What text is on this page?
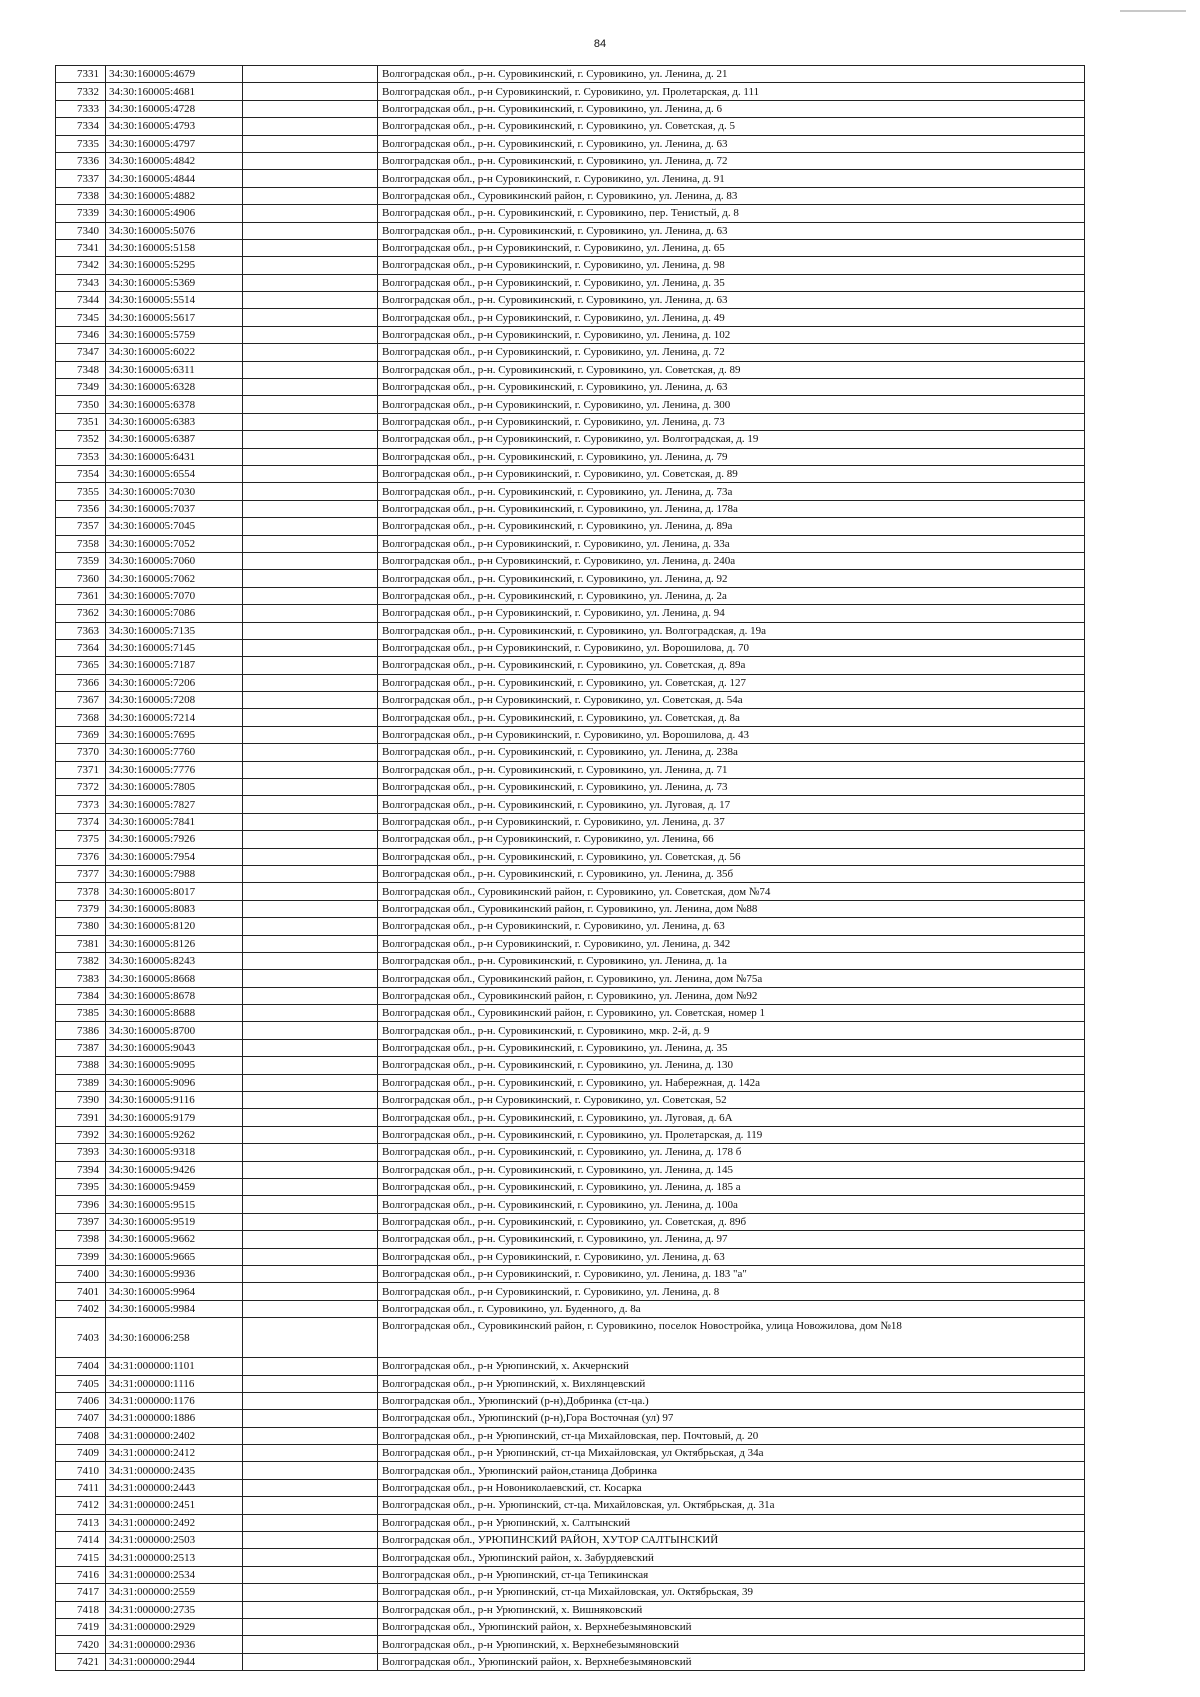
84
7331	34:30:160005:4679		Волгоградская обл., р-н. Суровикинский, г. Суровикино, ул. Ленина, д. 21
7332	34:30:160005:4681		Волгоградская обл., р-н Суровикинский, г. Суровикино, ул. Пролетарская, д. 111
7333	34:30:160005:4728		Волгоградская обл., р-н. Суровикинский, г. Суровикино, ул. Ленина, д. 6
7334	34:30:160005:4793		Волгоградская обл., р-н. Суровикинский, г. Суровикино, ул. Советская, д. 5
7335	34:30:160005:4797		Волгоградская обл., р-н. Суровикинский, г. Суровикино, ул. Ленина, д. 63
7336	34:30:160005:4842		Волгоградская обл., р-н. Суровикинский, г. Суровикино, ул. Ленина, д. 72
7337	34:30:160005:4844		Волгоградская обл., р-н Суровикинский, г. Суровикино, ул. Ленина, д. 91
7338	34:30:160005:4882		Волгоградская обл., Суровикинский район, г. Суровикино, ул. Ленина, д. 83
7339	34:30:160005:4906		Волгоградская обл., р-н. Суровикинский, г. Суровикино, пер. Тенистый, д. 8
7340	34:30:160005:5076		Волгоградская обл., р-н. Суровикинский, г. Суровикино, ул. Ленина, д. 63
7341	34:30:160005:5158		Волгоградская обл., р-н Суровикинский, г. Суровикино, ул. Ленина, д. 65
7342	34:30:160005:5295		Волгоградская обл., р-н Суровикинский, г. Суровикино, ул. Ленина, д. 98
7343	34:30:160005:5369		Волгоградская обл., р-н Суровикинский, г. Суровикино, ул. Ленина, д. 35
7344	34:30:160005:5514		Волгоградская обл., р-н. Суровикинский, г. Суровикино, ул. Ленина, д. 63
7345	34:30:160005:5617		Волгоградская обл., р-н Суровикинский, г. Суровикино, ул. Ленина, д. 49
7346	34:30:160005:5759		Волгоградская обл., р-н Суровикинский, г. Суровикино, ул. Ленина, д. 102
7347	34:30:160005:6022		Волгоградская обл., р-н Суровикинский, г. Суровикино, ул. Ленина, д. 72
7348	34:30:160005:6311		Волгоградская обл., р-н. Суровикинский, г. Суровикино, ул. Советская, д. 89
7349	34:30:160005:6328		Волгоградская обл., р-н. Суровикинский, г. Суровикино, ул. Ленина, д. 63
7350	34:30:160005:6378		Волгоградская обл., р-н Суровикинский, г. Суровикино, ул. Ленина, д. 300
7351	34:30:160005:6383		Волгоградская обл., р-н Суровикинский, г. Суровикино, ул. Ленина, д. 73
7352	34:30:160005:6387		Волгоградская обл., р-н Суровикинский, г. Суровикино, ул. Волгоградская, д. 19
7353	34:30:160005:6431		Волгоградская обл., р-н. Суровикинский, г. Суровикино, ул. Ленина, д. 79
7354	34:30:160005:6554		Волгоградская обл., р-н Суровикинский, г. Суровикино, ул. Советская, д. 89
7355	34:30:160005:7030		Волгоградская обл., р-н. Суровикинский, г. Суровикино, ул. Ленина, д. 73а
7356	34:30:160005:7037		Волгоградская обл., р-н. Суровикинский, г. Суровикино, ул. Ленина, д. 178а
7357	34:30:160005:7045		Волгоградская обл., р-н. Суровикинский, г. Суровикино, ул. Ленина, д. 89а
7358	34:30:160005:7052		Волгоградская обл., р-н Суровикинский, г. Суровикино, ул. Ленина, д. 33а
7359	34:30:160005:7060		Волгоградская обл., р-н Суровикинский, г. Суровикино, ул. Ленина, д. 240а
7360	34:30:160005:7062		Волгоградская обл., р-н. Суровикинский, г. Суровикино, ул. Ленина, д. 92
7361	34:30:160005:7070		Волгоградская обл., р-н. Суровикинский, г. Суровикино, ул. Ленина, д. 2а
7362	34:30:160005:7086		Волгоградская обл., р-н Суровикинский, г. Суровикино, ул. Ленина, д. 94
7363	34:30:160005:7135		Волгоградская обл., р-н. Суровикинский, г. Суровикино, ул. Волгоградская, д. 19а
7364	34:30:160005:7145		Волгоградская обл., р-н Суровикинский, г. Суровикино, ул. Ворошилова, д. 70
7365	34:30:160005:7187		Волгоградская обл., р-н. Суровикинский, г. Суровикино, ул. Советская, д. 89а
7366	34:30:160005:7206		Волгоградская обл., р-н. Суровикинский, г. Суровикино, ул. Советская, д. 127
7367	34:30:160005:7208		Волгоградская обл., р-н Суровикинский, г. Суровикино, ул. Советская, д. 54а
7368	34:30:160005:7214		Волгоградская обл., р-н. Суровикинский, г. Суровикино, ул. Советская, д. 8а
7369	34:30:160005:7695		Волгоградская обл., р-н Суровикинский, г. Суровикино, ул. Ворошилова, д. 43
7370	34:30:160005:7760		Волгоградская обл., р-н. Суровикинский, г. Суровикино, ул. Ленина, д. 238а
7371	34:30:160005:7776		Волгоградская обл., р-н. Суровикинский, г. Суровикино, ул. Ленина, д. 71
7372	34:30:160005:7805		Волгоградская обл., р-н. Суровикинский, г. Суровикино, ул. Ленина, д. 73
7373	34:30:160005:7827		Волгоградская обл., р-н. Суровикинский, г. Суровикино, ул. Луговая, д. 17
7374	34:30:160005:7841		Волгоградская обл., р-н Суровикинский, г. Суровикино, ул. Ленина, д. 37
7375	34:30:160005:7926		Волгоградская обл., р-н Суровикинский, г. Суровикино, ул. Ленина, 66
7376	34:30:160005:7954		Волгоградская обл., р-н. Суровикинский, г. Суровикино, ул. Советская, д. 56
7377	34:30:160005:7988		Волгоградская обл., р-н. Суровикинский, г. Суровикино, ул. Ленина, д. 35б
7378	34:30:160005:8017		Волгоградская обл., Суровикинский район, г. Суровикино, ул. Советская, дом №74
7379	34:30:160005:8083		Волгоградская обл., Суровикинский район, г. Суровикино, ул. Ленина, дом №88
7380	34:30:160005:8120		Волгоградская обл., р-н Суровикинский, г. Суровикино, ул. Ленина, д. 63
7381	34:30:160005:8126		Волгоградская обл., р-н Суровикинский, г. Суровикино, ул. Ленина, д. 342
7382	34:30:160005:8243		Волгоградская обл., р-н. Суровикинский, г. Суровикино, ул. Ленина, д. 1а
7383	34:30:160005:8668		Волгоградская обл., Суровикинский район, г. Суровикино, ул. Ленина, дом №75а
7384	34:30:160005:8678		Волгоградская обл., Суровикинский район, г. Суровикино, ул. Ленина, дом №92
7385	34:30:160005:8688		Волгоградская обл., Суровикинский район, г. Суровикино, ул. Советская, номер 1
7386	34:30:160005:8700		Волгоградская обл., р-н. Суровикинский, г. Суровикино, мкр. 2-й, д. 9
7387	34:30:160005:9043		Волгоградская обл., р-н. Суровикинский, г. Суровикино, ул. Ленина, д. 35
7388	34:30:160005:9095		Волгоградская обл., р-н. Суровикинский, г. Суровикино, ул. Ленина, д. 130
7389	34:30:160005:9096		Волгоградская обл., р-н. Суровикинский, г. Суровикино, ул. Набережная, д. 142а
7390	34:30:160005:9116		Волгоградская обл., р-н Суровикинский, г. Суровикино, ул. Советская, 52
7391	34:30:160005:9179		Волгоградская обл., р-н. Суровикинский, г. Суровикино, ул. Луговая, д. 6А
7392	34:30:160005:9262		Волгоградская обл., р-н. Суровикинский, г. Суровикино, ул. Пролетарская, д. 119
7393	34:30:160005:9318		Волгоградская обл., р-н. Суровикинский, г. Суровикино, ул. Ленина, д. 178 б
7394	34:30:160005:9426		Волгоградская обл., р-н. Суровикинский, г. Суровикино, ул. Ленина, д. 145
7395	34:30:160005:9459		Волгоградская обл., р-н. Суровикинский, г. Суровикино, ул. Ленина, д. 185 а
7396	34:30:160005:9515		Волгоградская обл., р-н. Суровикинский, г. Суровикино, ул. Ленина, д. 100а
7397	34:30:160005:9519		Волгоградская обл., р-н. Суровикинский, г. Суровикино, ул. Советская, д. 89б
7398	34:30:160005:9662		Волгоградская обл., р-н. Суровикинский, г. Суровикино, ул. Ленина, д. 97
7399	34:30:160005:9665		Волгоградская обл., р-н Суровикинский, г. Суровикино, ул. Ленина, д. 63
7400	34:30:160005:9936		Волгоградская обл., р-н Суровикинский, г. Суровикино, ул. Ленина, д. 183 "а"
7401	34:30:160005:9964		Волгоградская обл., р-н Суровикинский, г. Суровикино, ул. Ленина, д. 8
7402	34:30:160005:9984		Волгоградская обл., г. Суровикино, ул. Буденного, д. 8а
7403	34:30:160006:258		Волгоградская обл., Суровикинский район, г. Суровикино, поселок Новостройка, улица Новожилова, дом №18
7404	34:31:000000:1101		Волгоградская обл., р-н Урюпинский, х. Акчернский
7405	34:31:000000:1116		Волгоградская обл., р-н Урюпинский, х. Вихлянцевский
7406	34:31:000000:1176		Волгоградская обл., Урюпинский (р-н),Добринка (ст-ца.)
7407	34:31:000000:1886		Волгоградская обл., Урюпинский (р-н),Гора Восточная (ул) 97
7408	34:31:000000:2402		Волгоградская обл., р-н Урюпинский, ст-ца Михайловская, пер. Почтовый, д. 20
7409	34:31:000000:2412		Волгоградская обл., р-н Урюпинский, ст-ца Михайловская, ул Октябрьская, д 34а
7410	34:31:000000:2435		Волгоградская обл., Урюпинский район,станица Добринка
7411	34:31:000000:2443		Волгоградская обл., р-н Новониколаевский, ст. Косарка
7412	34:31:000000:2451		Волгоградская обл., р-н. Урюпинский, ст-ца. Михайловская, ул. Октябрьская, д. 31а
7413	34:31:000000:2492		Волгоградская обл., р-н Урюпинский, х. Салтынский
7414	34:31:000000:2503		Волгоградская обл., УРЮПИНСКИЙ РАЙОН, ХУТОР САЛТЫНСКИЙ
7415	34:31:000000:2513		Волгоградская обл., Урюпинский район, х. Забурдяевский
7416	34:31:000000:2534		Волгоградская обл., р-н Урюпинский, ст-ца Тепикинская
7417	34:31:000000:2559		Волгоградская обл., р-н Урюпинский, ст-ца Михайловская, ул. Октябрьская, 39
7418	34:31:000000:2735		Волгоградская обл., р-н Урюпинский, х. Вишняковский
7419	34:31:000000:2929		Волгоградская обл., Урюпинский район, х. Верхнебезымяновский
7420	34:31:000000:2936		Волгоградская обл., р-н Урюпинский, х. Верхнебезымяновский
7421	34:31:000000:2944		Волгоградская обл., Урюпинский район, х. Верхнебезымяновский
